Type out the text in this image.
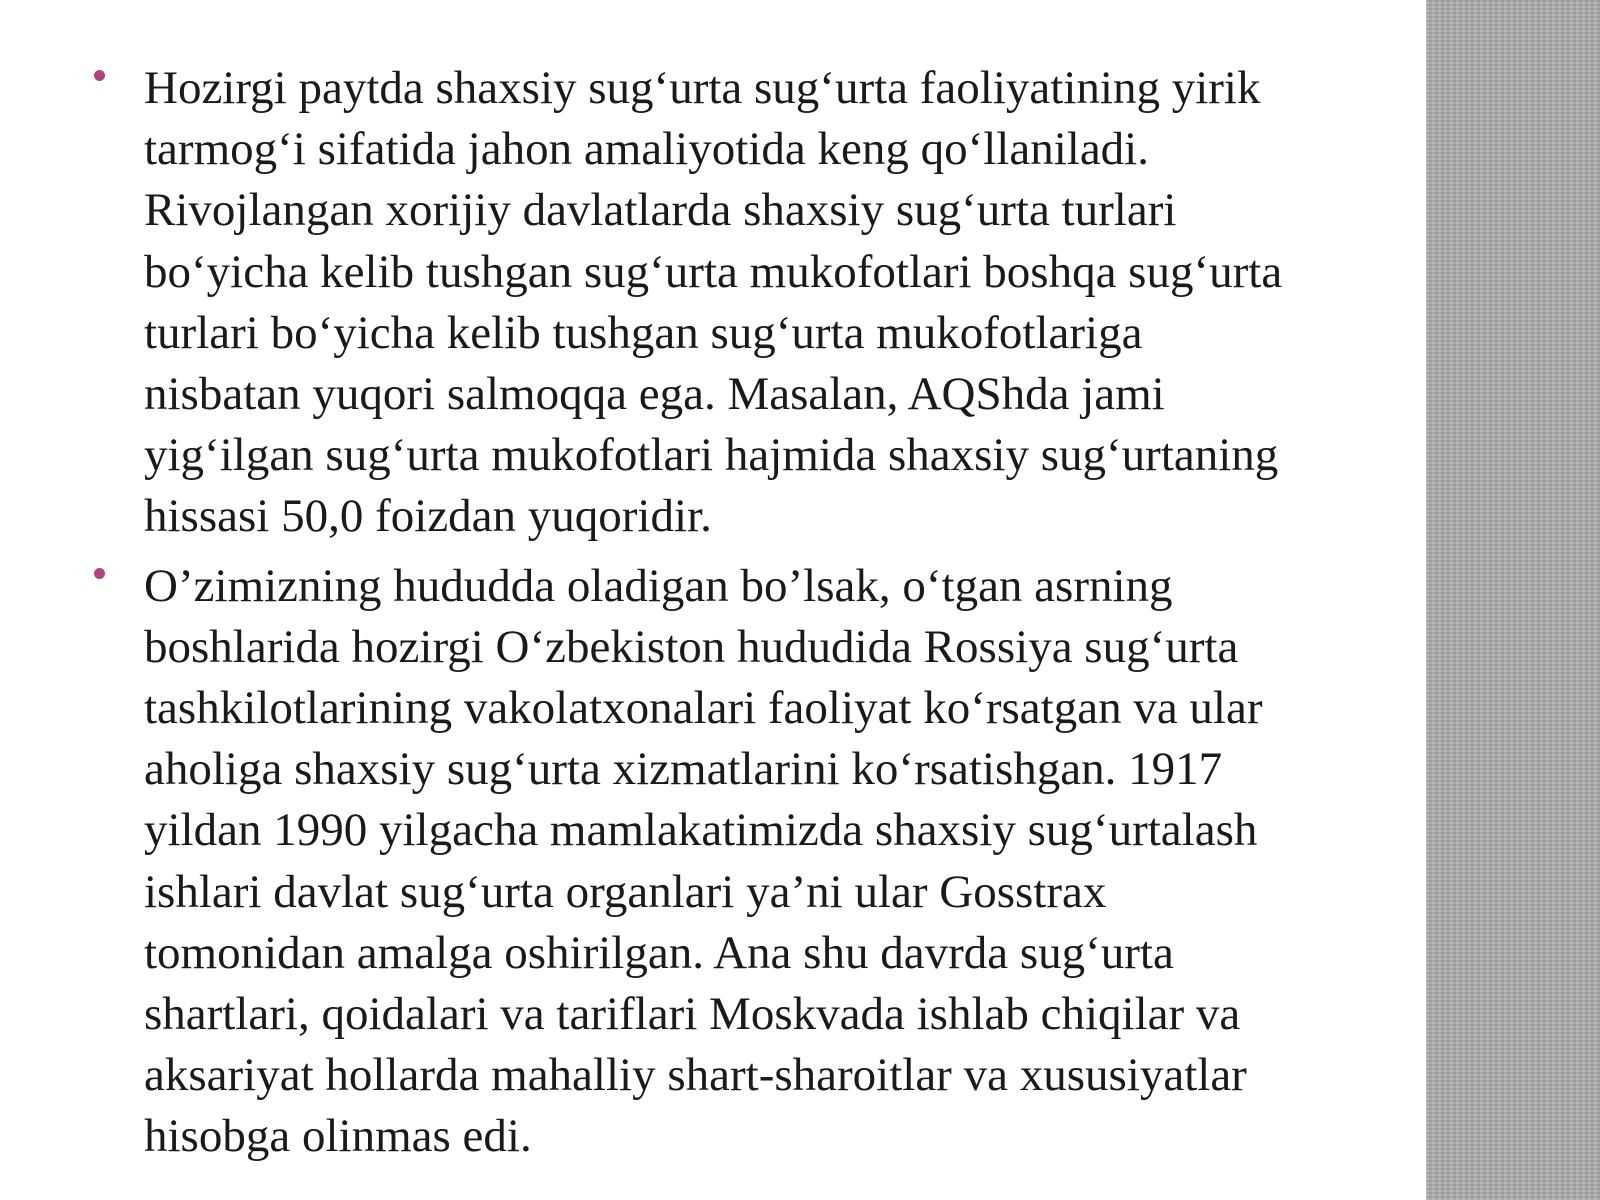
Hozirgi paytda shaxsiy sug‘urta sug‘urta faoliyatining yirik
tarmog‘i sifatida jahon amaliyotida keng qo‘llaniladi.
Rivojlangan xorijiy davlatlarda shaxsiy sug‘urta turlari
bo‘yicha kelib tushgan sug‘urta mukofotlari boshqa sug‘urta
turlari bo‘yicha kelib tushgan sug‘urta mukofotlariga
nisbatan yuqori salmoqqa ega. Masalan, AQShda jami
yig‘ilgan sug‘urta mukofotlari hajmida shaxsiy sug‘urtaning
hissasi 50,0 foizdan yuqoridir.

O’zimizning hududda oladigan bo’lsak, o‘tgan asrning
boshlarida hozirgi O‘zbekiston hududida Rossiya sug‘urta
tashkilotlarining vakolatxonalari faoliyat ko‘rsatgan va ular
aholiga shaxsiy sug‘urta xizmatlarini ko‘rsatishgan. 1917
yildan 1990 yilgacha mamlakatimizda shaxsiy sug‘urtalash
ishlari davlat sug‘urta organlari ya’ni ular Gosstrax
tomonidan amalga oshirilgan. Ana shu davrda sug‘urta
shartlari, qoidalari va tariflari Moskvada ishlab chiqilar va
aksariyat hollarda mahalliy shart-sharoitlar va xususiyatlar
hisobga olinmas edi.
